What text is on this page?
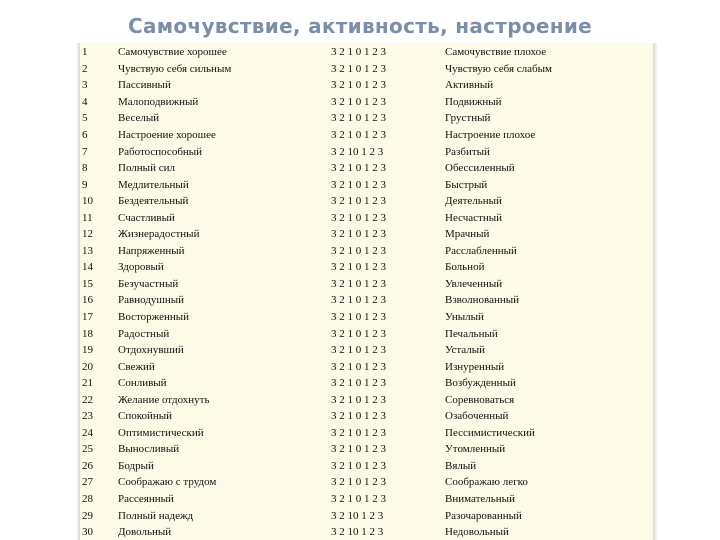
Самочувствие, активность, настроение
1	Самочувствие хорошее	3 2 1 0 1 2 3	Самочувствие плохое
2	Чувствую себя сильным	3 2 1 0 1 2 3	Чувствую себя слабым
3	Пассивный	3 2 1 0 1 2 3	Активный
4	Малоподвижный	3 2 1 0 1 2 3	Подвижный
5	Веселый	3 2 1 0 1 2 3	Грустный
6	Настроение хорошее	3 2 1 0 1 2 3	Настроение плохое
7	Работоспособный	3 2 10 1 2 3	Разбитый
8	Полный сил	3 2 1 0 1 2 3	Обессиленный
9	Медлительный	3 2 1 0 1 2 3	Быстрый
10	Бездеятельный	3 2 1 0 1 2 3	Деятельный
11	Счастливый	3 2 1 0 1 2 3	Несчастный
12	Жизнерадостный	3 2 1 0 1 2 3	Мрачный
13	Напряженный	3 2 1 0 1 2 3	Расслабленный
14	Здоровый	3 2 1 0 1 2 3	Больной
15	Безучастный	3 2 1 0 1 2 3	Увлеченный
16	Равнодушный	3 2 1 0 1 2 3	Взволнованный
17	Восторженный	3 2 1 0 1 2 3	Унылый
18	Радостный	3 2 1 0 1 2 3	Печальный
19	Отдохнувший	3 2 1 0 1 2 3	Усталый
20	Свежий	3 2 1 0 1 2 3	Изнуренный
21	Сонливый	3 2 1 0 1 2 3	Возбужденный
22	Желание отдохнуть	3 2 1 0 1 2 3	Соревноваться
23	Спокойный	3 2 1 0 1 2 3	Озабоченный
24	Оптимистический	3 2 1 0 1 2 3	Пессимистический
25	Выносливый	3 2 1 0 1 2 3	Утомленный
26	Бодрый	3 2 1 0 1 2 3	Вялый
27	Соображаю с трудом	3 2 1 0 1 2 3	Соображаю легко
28	Рассеянный	3 2 1 0 1 2 3	Внимательный
29	Полный надежд	3 2 10 1 2 3	Разочарованный
30	Довольный	3 2 10 1 2 3	Недовольный
